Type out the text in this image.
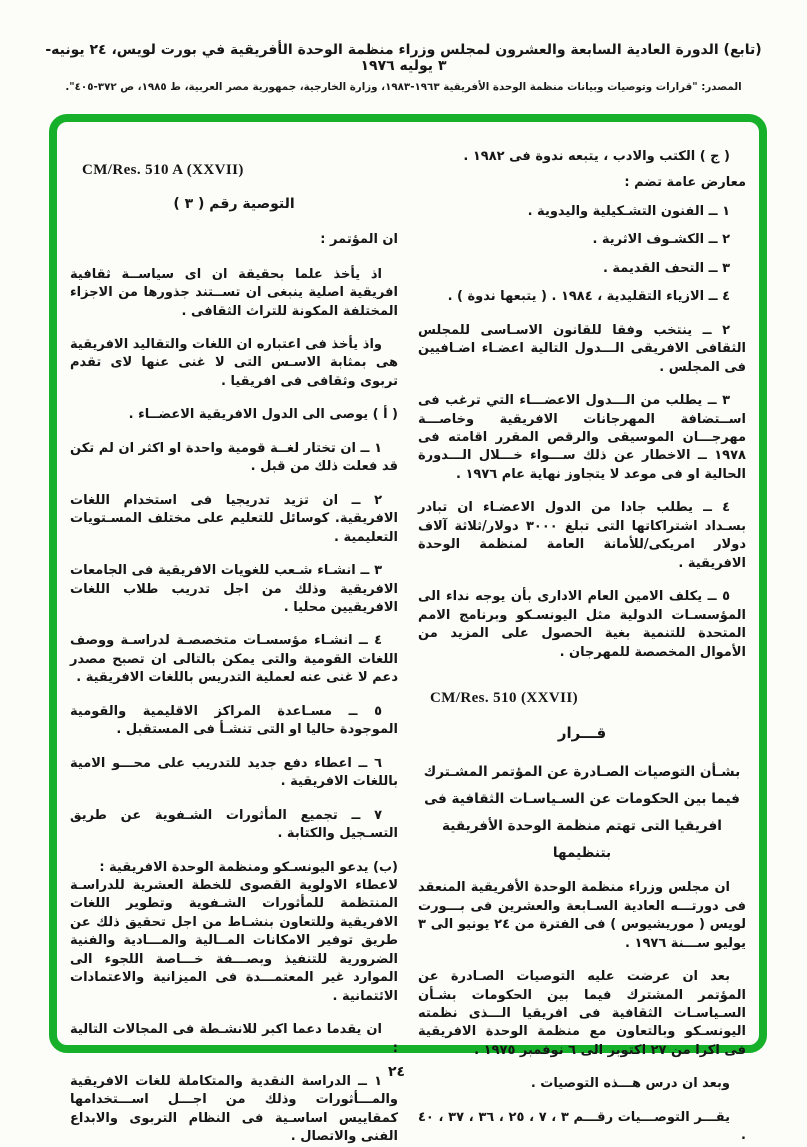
(تابع) الدورة العادية السابعة والعشرون لمجلس وزراء منظمة الوحدة الأفريقية في بورت لويس، ٢٤ يونيه- ٣ يوليه ١٩٧٦
المصدر: "قرارات وتوصيات وبيانات منظمة الوحدة الأفريقية ١٩٦٣-١٩٨٣، وزارة الخارجية، جمهورية مصر العربية، ط ١٩٨٥، ص ٣٧٢-٤٠٥".

( ج ) الكتب والادب ، يتبعه ندوة فى ١٩٨٢ .

معارض عامة تضم :

١ ــ الفنون التشـكيلية واليدوية .

٢ ــ الكشـوف الاثرية .

٣ ــ التحف القديمة .

٤ ــ الازياء التقليدية ، ١٩٨٤ . ( يتبعها ندوة ) .

٢ ــ ينتخب وفقا للقانون الاسـاسى للمجلس الثقافى الافريقى الـــدول التالية اعضـاء اضـافيين فى المجلس .

٣ ــ يطلب من الـــدول الاعضـــاء التي ترغب فى اســتضافة المهرجانات الافريقية وخاصـــة مهرجـــان الموسيقى والرقص المقرر اقامته فى ١٩٧٨ ــ الاخطار عن ذلك ســـواء خـــلال الـــدورة الحالية او فى موعد لا يتجاوز نهاية عام ١٩٧٦ .

٤ ــ يطلب جادا من الدول الاعضـاء ان تبادر بسـداد اشتراكاتها التى تبلغ ٣٠٠٠ دولار/ثلاثة آلاف دولار امريكى/للأمانة العامة لمنظمة الوحدة الافريقية .

٥ ــ يكلف الامين العام الادارى بأن يوجه نداء الى المؤسسـات الدولية مثل اليونسـكو وبرنامج الامم المتحدة للتنمية بغية الحصول على المزيد من الأموال المخصصة للمهرجان .

CM/Res. 510 (XXVII)

قـــرار

بشـأن التوصيات الصـادرة عن المؤتمر المشـترك فيما بين الحكومات عن السـياسـات الثقافية فى افريقيا التى تهتم منظمة الوحدة الأفريقية بتنظيمها

ان مجلس وزراء منظمة الوحدة الأفريقية المنعقد فى دورتـــه العادية السـابعة والعشرين فى بـــورت لويس ( موريشيوس ) فى الفترة من ٢٤ يونيو الى ٣ يوليو ســـنة ١٩٧٦ .

بعد ان عرضت عليه التوصيات الصـادرة عن المؤتمر المشترك فيما بين الحكومات بشـأن السـياسـات الثقافية فى افريقيا الـــذى نظمته اليونسـكو وبالتعاون مع منظمة الوحدة الافريقية فى اكرا من ٢٧ اكتوبر الى ٦ نوفمبر ١٩٧٥ .

وبعد ان درس هـــذه التوصيات .

يقـــر التوصـــيات رقـــم ٣ ، ٧ ، ٢٥ ، ٣٦ ، ٣٧ ، ٤٠ .

CM/Res. 510 A (XXVII)

التوصية رقم ( ٣ )

ان المؤتمر :

اذ يأخذ علما بحقيقة ان اى سياســة ثقافية افريقية اصلية ينبغى ان تســتند جذورها من الاجزاء المختلفة المكونة للتراث الثقافى .

واذ يأخذ فى اعتباره ان اللغات والتقاليد الافريقية هى بمثابة الاسـس التى لا غنى عنها لاى تقدم تربوى وثقافى فى افريقيا .

( أ ) يوصى الى الدول الافريقية الاعضــاء .

١ ــ ان تختار لغــة قومية واحدة او اكثر ان لم تكن قد فعلت ذلك من قبل .

٢ ــ ان تزيد تدريجيا فى استخدام اللغات الافريقية. كوسائل للتعليم على مختلف المسـتويات التعليمية .

٣ ــ انشـاء شـعب للغويات الافريقية فى الجامعات الافريقية وذلك من اجل تدريب طلاب اللغات الافريقيين محليا .

٤ ــ انشـاء مؤسسـات متخصصـة لدراسـة ووصف اللغات القومية والتى يمكن بالتالى ان تصبح مصدر دعم لا غنى عنه لعملية التدريس باللغات الافريقية .

٥ ــ مسـاعدة المراكز الاقليمية والقومية الموجودة حاليا او التى تنشـأ فى المستقبل .

٦ ــ اعطاء دفع جديد للتدريب على محـــو الامية باللغات الافريقية .

٧ ــ تجميع المأثورات الشـفوية عن طريق التسـجيل والكتابة .

(ب) يدعو اليونسـكو ومنظمة الوحدة الافريقية :

لاعطاء الاولوية القصوى للخطة العشرية للدراسـة المنتظمة للمأثورات الشـفوية وتطوير اللغات الافريقية وللتعاون بنشـاط من اجل تحقيق ذلك عن طريق توفير الامكانات المــالية والمـــادية والفنية الضرورية للتنفيذ وبصـــفة خـــاصة اللجوء الى الموارد غير المعتمـــدة فى الميزانية والاعتمادات الائتمانية .

ان يقدما دعما اكبر للانشـطة فى المجالات التالية :

١ ــ الدراسة النقدية والمتكاملة للغات الافريقية والمـــأثورات وذلك من اجـــل اســـتخدامها كمقاييس اساسـية فى النظام التربوى والابداع الفنى والاتصال .

٢٤
